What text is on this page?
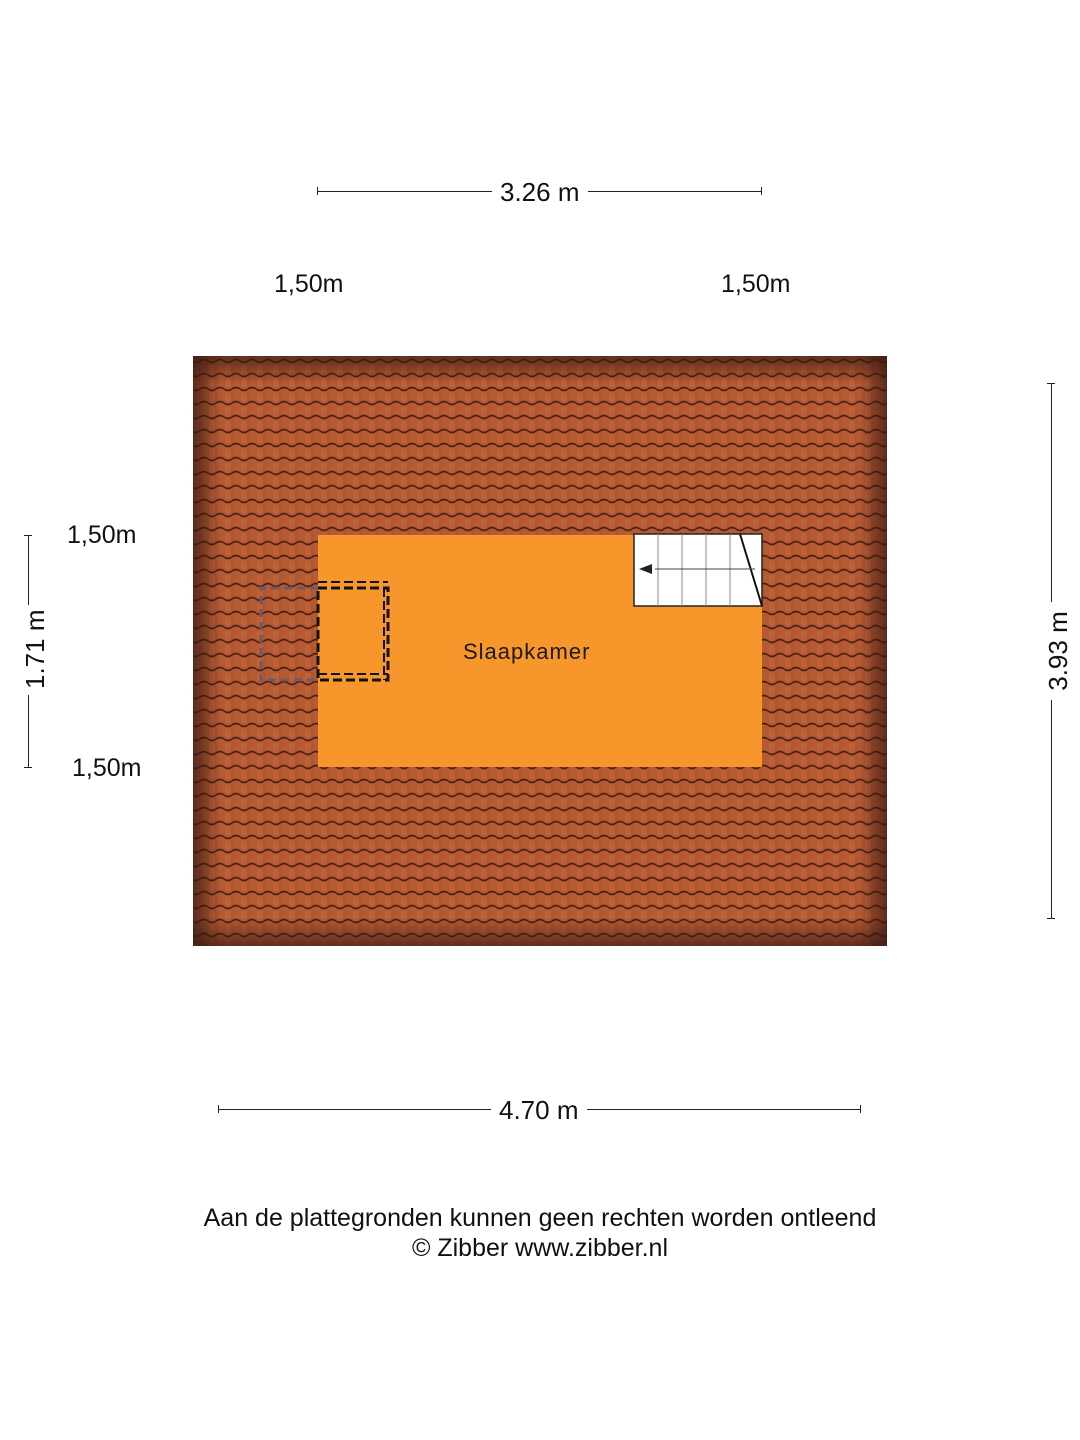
3.26 m
1,50m	1,50m
1.71 m
1,50m
1,50m
3.93 m
Slaapkamer
4.70 m
Aan de plattegronden kunnen geen rechten worden ontleend
© Zibber www.zibber.nl
